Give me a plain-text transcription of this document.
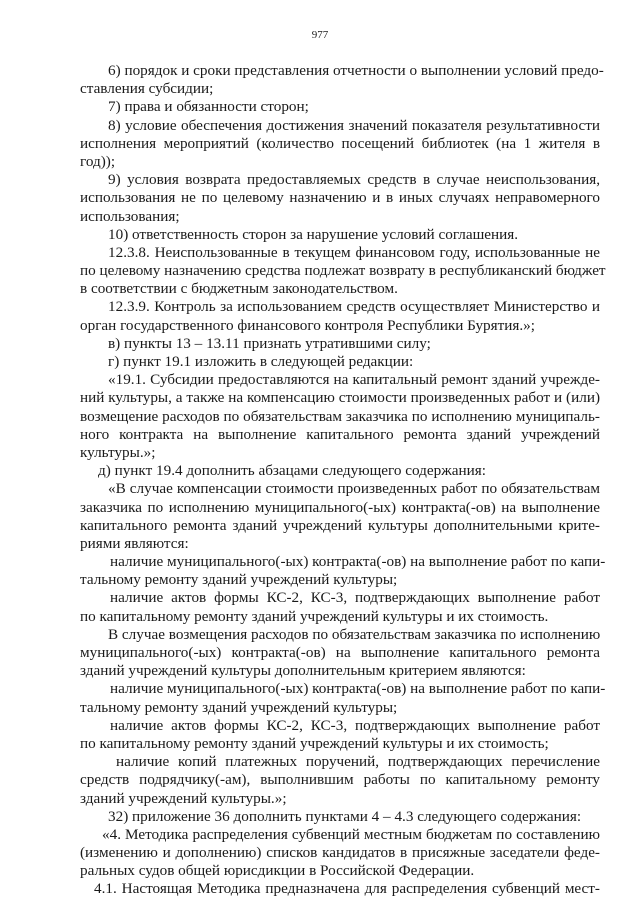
977
6) порядок и сроки представления отчетности о выполнении условий предо-
ставления субсидии;
7) права и обязанности сторон;
8) условие обеспечения достижения значений показателя результативности
исполнения мероприятий (количество посещений библиотек (на 1 жителя в
год));
9) условия возврата предоставляемых средств в случае неиспользования,
использования не по целевому назначению и в иных случаях неправомерного
использования;
10) ответственность сторон за нарушение условий соглашения.
12.3.8. Неиспользованные в текущем финансовом году, использованные не
по целевому назначению средства подлежат возврату в республиканский бюджет
в соответствии с бюджетным законодательством.
12.3.9. Контроль за использованием средств осуществляет Министерство и
орган государственного финансового контроля Республики Бурятия.»;
в) пункты 13 – 13.11 признать утратившими силу;
г) пункт 19.1 изложить в следующей редакции:
«19.1. Субсидии предоставляются на капитальный ремонт зданий учрежде-
ний культуры, а также на компенсацию стоимости произведенных работ и (или)
возмещение расходов по обязательствам заказчика по исполнению муниципаль-
ного контракта на выполнение капитального ремонта зданий учреждений
культуры.»;
д) пункт 19.4 дополнить абзацами следующего содержания:
«В случае компенсации стоимости произведенных работ по обязательствам
заказчика по исполнению муниципального(-ых) контракта(-ов) на выполнение
капитального ремонта зданий учреждений культуры дополнительными крите-
риями являются:
наличие муниципального(-ых) контракта(-ов) на выполнение работ по капи-
тальному ремонту зданий учреждений культуры;
наличие актов формы КС-2, КС-3, подтверждающих выполнение работ
по капитальному ремонту зданий учреждений культуры и их стоимость.
В случае возмещения расходов по обязательствам заказчика по исполнению
муниципального(-ых) контракта(-ов) на выполнение капитального ремонта
зданий учреждений культуры дополнительным критерием являются:
наличие муниципального(-ых) контракта(-ов) на выполнение работ по капи-
тальному ремонту зданий учреждений культуры;
наличие актов формы КС-2, КС-3, подтверждающих выполнение работ
по капитальному ремонту зданий учреждений культуры и их стоимость;
наличие копий платежных поручений, подтверждающих перечисление
средств подрядчику(-ам), выполнившим работы по капитальному ремонту
зданий учреждений культуры.»;
32) приложение 36 дополнить пунктами 4 – 4.3 следующего содержания:
«4. Методика распределения субвенций местным бюджетам по составлению
(изменению и дополнению) списков кандидатов в присяжные заседатели феде-
ральных судов общей юрисдикции в Российской Федерации.
4.1. Настоящая Методика предназначена для распределения субвенций мест-
